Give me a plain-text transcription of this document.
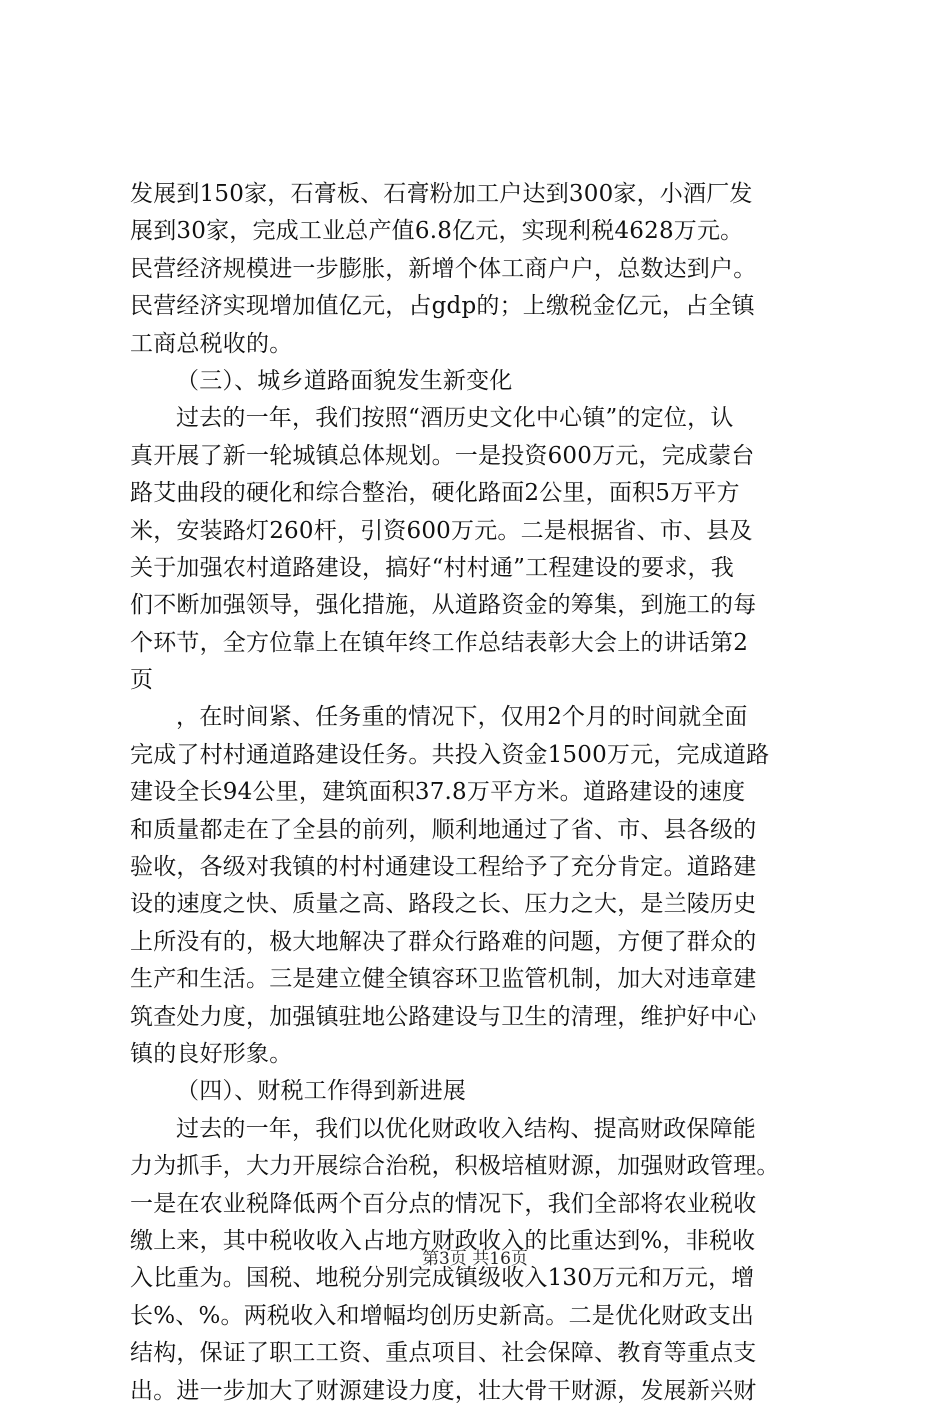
发展到150家，石膏板、石膏粉加工户达到300家，小酒厂发
展到30家，完成工业总产值6.8亿元，实现利税4628万元。
民营经济规模进一步膨胀，新增个体工商户户，总数达到户。
民营经济实现增加值亿元，占gdp的；上缴税金亿元，占全镇
工商总税收的。
（三）、城乡道路面貌发生新变化
过去的一年，我们按照“酒历史文化中心镇”的定位，认
真开展了新一轮城镇总体规划。一是投资600万元，完成蒙台
路艾曲段的硬化和综合整治，硬化路面2公里，面积5万平方
米，安装路灯260杆，引资600万元。二是根据省、市、县及
关于加强农村道路建设，搞好“村村通”工程建设的要求，我
们不断加强领导，强化措施，从道路资金的筹集，到施工的每
个环节，全方位靠上在镇年终工作总结表彰大会上的讲话第2
页
，在时间紧、任务重的情况下，仅用2个月的时间就全面
完成了村村通道路建设任务。共投入资金1500万元，完成道路
建设全长94公里，建筑面积37.8万平方米。道路建设的速度
和质量都走在了全县的前列，顺利地通过了省、市、县各级的
验收，各级对我镇的村村通建设工程给予了充分肯定。道路建
设的速度之快、质量之高、路段之长、压力之大，是兰陵历史
上所没有的，极大地解决了群众行路难的问题，方便了群众的
生产和生活。三是建立健全镇容环卫监管机制，加大对违章建
筑查处力度，加强镇驻地公路建设与卫生的清理，维护好中心
镇的良好形象。
（四）、财税工作得到新进展
过去的一年，我们以优化财政收入结构、提高财政保障能
力为抓手，大力开展综合治税，积极培植财源，加强财政管理。
一是在农业税降低两个百分点的情况下，我们全部将农业税收
缴上来，其中税收收入占地方财政收入的比重达到%，非税收
入比重为。国税、地税分别完成镇级收入130万元和万元，增
长%、%。两税收入和增幅均创历史新高。二是优化财政支出
结构，保证了职工工资、重点项目、社会保障、教育等重点支
出。进一步加大了财源建设力度，壮大骨干财源，发展新兴财
第3页 共16页
